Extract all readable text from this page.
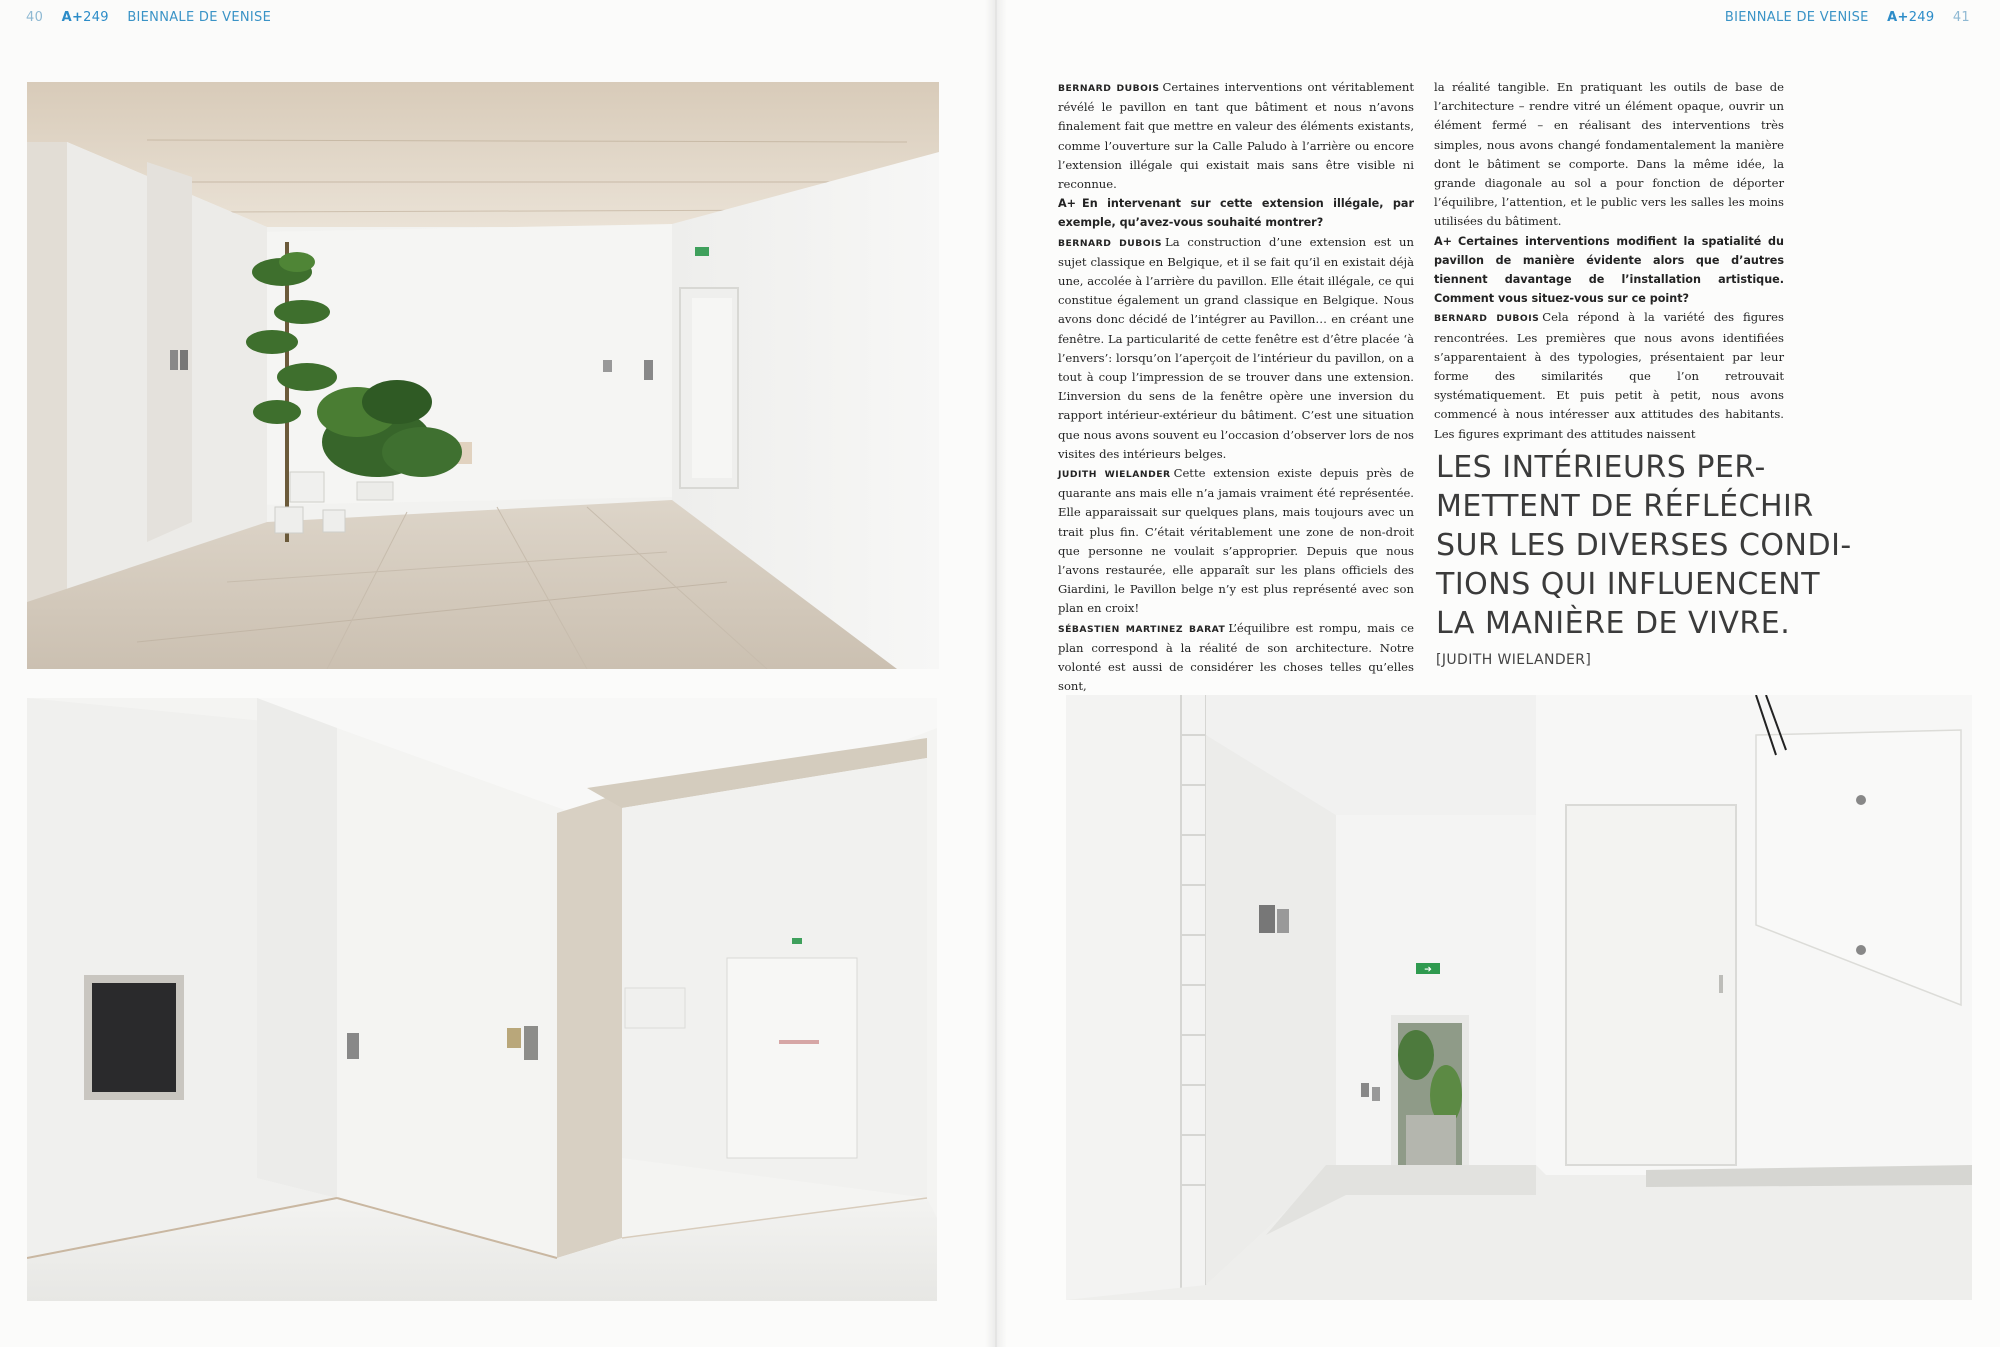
40 A+249 BIENNALE DE VENISE	BIENNALE DE VENISE A+249 41

BERNARD DUBOIS Certaines interventions ont véritablement révélé le pavillon en tant que bâtiment et nous n’avons finalement fait que mettre en valeur des éléments existants, comme l’ouverture sur la Calle Paludo à l’arrière ou encore l’extension illégale qui existait mais sans être visible ni reconnue.

A+ En intervenant sur cette extension illégale, par exemple, qu’avez-vous souhaité montrer?

BERNARD DUBOIS La construction d’une extension est un sujet classique en Belgique, et il se fait qu’il en existait déjà une, accolée à l’arrière du pavillon. Elle était illégale, ce qui constitue également un grand classique en Belgique. Nous avons donc décidé de l’intégrer au Pavillon… en créant une fenêtre. La particularité de cette fenêtre est d’être placée ‘à l’envers’: lorsqu’on l’aperçoit de l’intérieur du pavillon, on a tout à coup l’impression de se trouver dans une extension. L’inversion du sens de la fenêtre opère une inversion du rapport intérieur-extérieur du bâtiment. C’est une situation que nous avons souvent eu l’occasion d’observer lors de nos visites des intérieurs belges.

JUDITH WIELANDER Cette extension existe depuis près de quarante ans mais elle n’a jamais vraiment été représentée. Elle apparaissait sur quelques plans, mais toujours avec un trait plus fin. C’était véritablement une zone de non-droit que personne ne voulait s’approprier. Depuis que nous l’avons restaurée, elle apparaît sur les plans officiels des Giardini, le Pavillon belge n’y est plus représenté avec son plan en croix!

SÉBASTIEN MARTINEZ BARAT L’équilibre est rompu, mais ce plan correspond à la réalité de son architecture. Notre volonté est aussi de considérer les choses telles qu’elles sont,

la réalité tangible. En pratiquant les outils de base de l’architecture – rendre vitré un élément opaque, ouvrir un élément fermé – en réalisant des interventions très simples, nous avons changé fondamentalement la manière dont le bâtiment se comporte. Dans la même idée, la grande diagonale au sol a pour fonction de déporter l’équilibre, l’attention, et le public vers les salles les moins utilisées du bâtiment.

A+ Certaines interventions modifient la spatialité du pavillon de manière évidente alors que d’autres tiennent davantage de l’installation artistique. Comment vous situez-vous sur ce point?

BERNARD DUBOIS Cela répond à la variété des figures rencontrées. Les premières que nous avons identifiées s’apparentaient à des typologies, présentaient par leur forme des similarités que l’on retrouvait systématiquement. Et puis petit à petit, nous avons commencé à nous intéresser aux attitudes des habitants. Les figures exprimant des attitudes naissent

LES INTÉRIEURS PER-
METTENT DE RÉFLÉCHIR
SUR LES DIVERSES CONDI-
TIONS QUI INFLUENCENT
LA MANIÈRE DE VIVRE.
[JUDITH WIELANDER]
➔
